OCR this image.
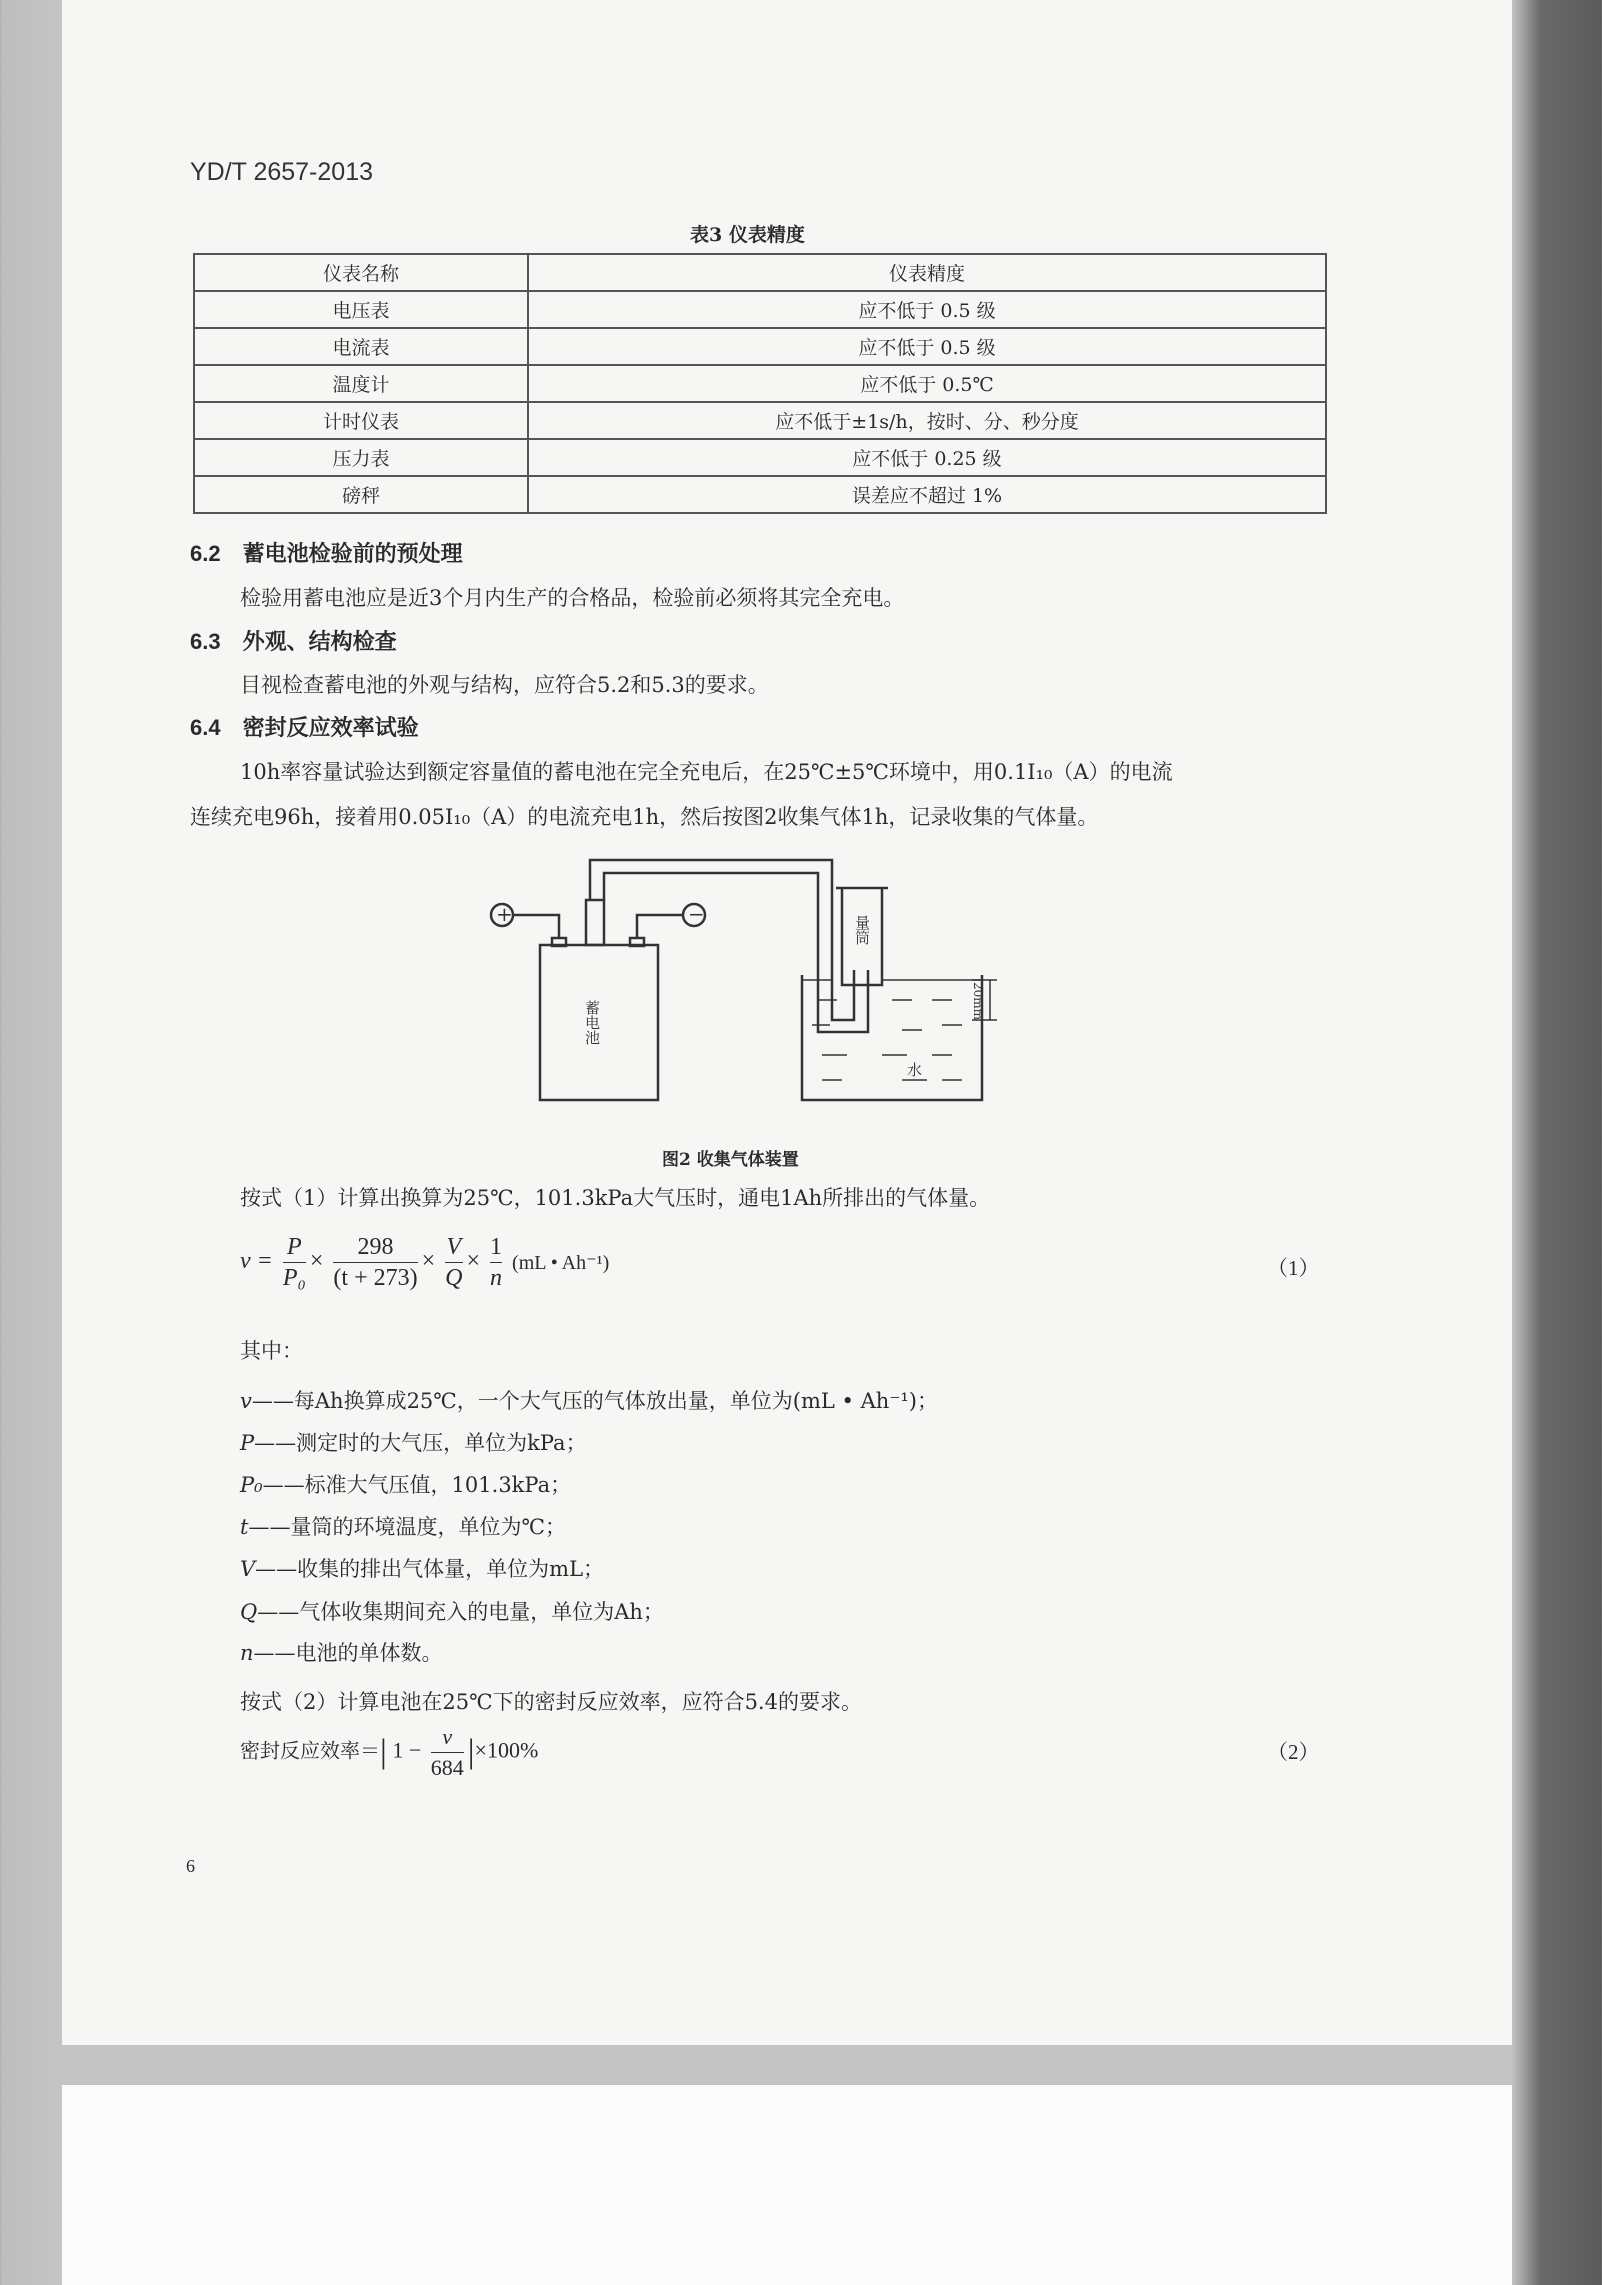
YD/T 2657-2013
表3 仪表精度
仪表名称	仪表精度
电压表	应不低于 0.5 级
电流表	应不低于 0.5 级
温度计	应不低于 0.5℃
计时仪表	应不低于±1s/h，按时、分、秒分度
压力表	应不低于 0.25 级
磅秤	误差应不超过 1%
6.2 蓄电池检验前的预处理
检验用蓄电池应是近3个月内生产的合格品，检验前必须将其完全充电。
6.3 外观、结构检查
目视检查蓄电池的外观与结构，应符合5.2和5.3的要求。
6.4 密封反应效率试验
10h率容量试验达到额定容量值的蓄电池在完全充电后，在25℃±5℃环境中，用0.1I₁₀（A）的电流
连续充电96h，接着用0.05I₁₀（A）的电流充电1h，然后按图2收集气体1h，记录收集的气体量。
+	−
蓄电池
量筒
水
20mm
图2 收集气体装置
按式（1）计算出换算为25℃，101.3kPa大气压时，通电1Ah所排出的气体量。
$v = \frac{P}{\text{P₀}} \times \frac{298}{(t + 273)} \times \frac{V}{Q} \times \frac{1}{n} (mL$ • Ah⁻¹)	（1）
其中：
v——每Ah换算成25℃，一个大气压的气体放出量，单位为(mL • Ah⁻¹)；
P——测定时的大气压，单位为kPa；
P₀——标准大气压值，101.3kPa；
t——量筒的环境温度，单位为℃；
V——收集的排出气体量，单位为mL；
Q——气体收集期间充入的电量，单位为Ah；
n——电池的单体数。
按式（2）计算电池在25℃下的密封反应效率，应符合5.4的要求。
密封反应效率＝| $1 - \frac{v}{684} |\times 100\%$	（2）
6
